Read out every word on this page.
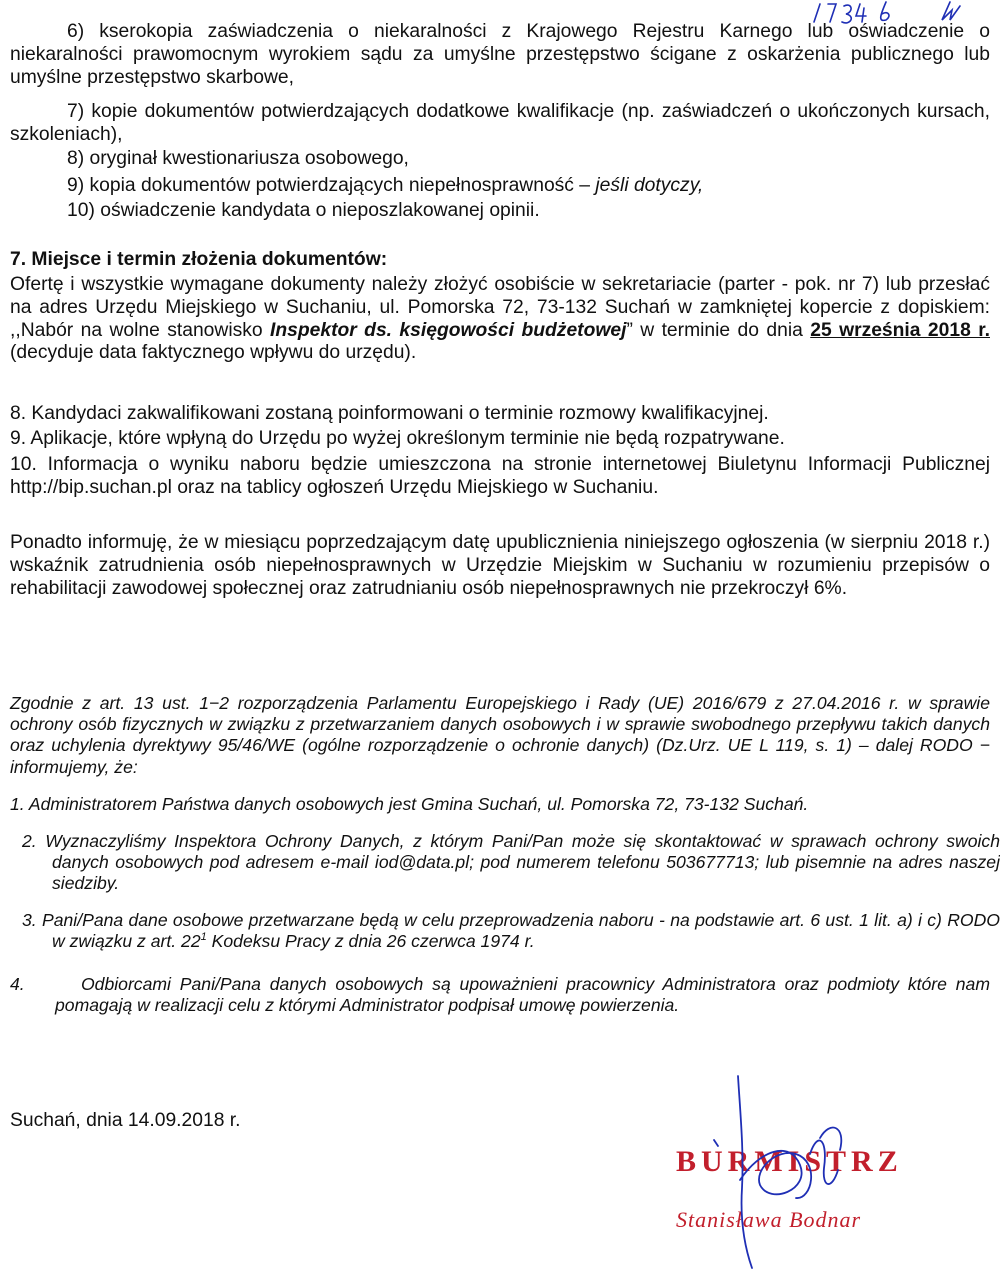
6) kserokopia zaświadczenia o niekaralności z Krajowego Rejestru Karnego lub oświadczenie o niekaralności prawomocnym wyrokiem sądu za umyślne przestępstwo ścigane z oskarżenia publicznego lub umyślne przestępstwo skarbowe,

7) kopie dokumentów potwierdzających dodatkowe kwalifikacje (np. zaświadczeń o ukończonych kursach, szkoleniach),

8) oryginał kwestionariusza osobowego,

9) kopia dokumentów potwierdzających niepełnosprawność – jeśli dotyczy,

10) oświadczenie kandydata o nieposzlakowanej opinii.

7. Miejsce i termin złożenia dokumentów:

Ofertę i wszystkie wymagane dokumenty należy złożyć osobiście w sekretariacie (parter - pok. nr 7) lub przesłać na adres Urzędu Miejskiego w Suchaniu, ul. Pomorska 72, 73-132 Suchań w zamkniętej kopercie z dopiskiem: ,,Nabór na wolne stanowisko Inspektor ds. księgowości budżetowej” w terminie do dnia 25 września 2018 r. (decyduje data faktycznego wpływu do urzędu).

8. Kandydaci zakwalifikowani zostaną poinformowani o terminie rozmowy kwalifikacyjnej.

9. Aplikacje, które wpłyną do Urzędu po wyżej określonym terminie nie będą rozpatrywane.

10. Informacja o wyniku naboru będzie umieszczona na stronie internetowej Biuletynu Informacji Publicznej http://bip.suchan.pl oraz na tablicy ogłoszeń Urzędu Miejskiego w Suchaniu.

Ponadto informuję, że w miesiącu poprzedzającym datę upublicznienia niniejszego ogłoszenia (w sierpniu 2018 r.) wskaźnik zatrudnienia osób niepełnosprawnych w Urzędzie Miejskim w Suchaniu w rozumieniu przepisów o rehabilitacji zawodowej społecznej oraz zatrudnianiu osób niepełnosprawnych nie przekroczył 6%.

Zgodnie z art. 13 ust. 1−2 rozporządzenia Parlamentu Europejskiego i Rady (UE) 2016/679 z 27.04.2016 r. w sprawie ochrony osób fizycznych w związku z przetwarzaniem danych osobowych i w sprawie swobodnego przepływu takich danych oraz uchylenia dyrektywy 95/46/WE (ogólne rozporządzenie o ochronie danych) (Dz.Urz. UE L 119, s. 1) – dalej RODO − informujemy, że:

1. Administratorem Państwa danych osobowych jest Gmina Suchań, ul. Pomorska 72, 73-132 Suchań.

2. Wyznaczyliśmy Inspektora Ochrony Danych, z którym Pani/Pan może się skontaktować w sprawach ochrony swoich danych osobowych pod adresem e-mail iod@data.pl; pod numerem telefonu 503677713; lub pisemnie na adres naszej siedziby.

3. Pani/Pana dane osobowe przetwarzane będą w celu przeprowadzenia naboru - na podstawie art. 6 ust. 1 lit. a) i c) RODO w związku z art. $22^1$ Kodeksu Pracy z dnia 26 czerwca 1974 r.

4.	Odbiorcami Pani/Pana danych osobowych są upoważnieni pracownicy Administratora oraz podmioty które nam pomagają w realizacji celu z którymi Administrator podpisał umowę powierzenia.

Suchań, dnia 14.09.2018 r.

BURMISTRZ
Stanisława Bodnar
